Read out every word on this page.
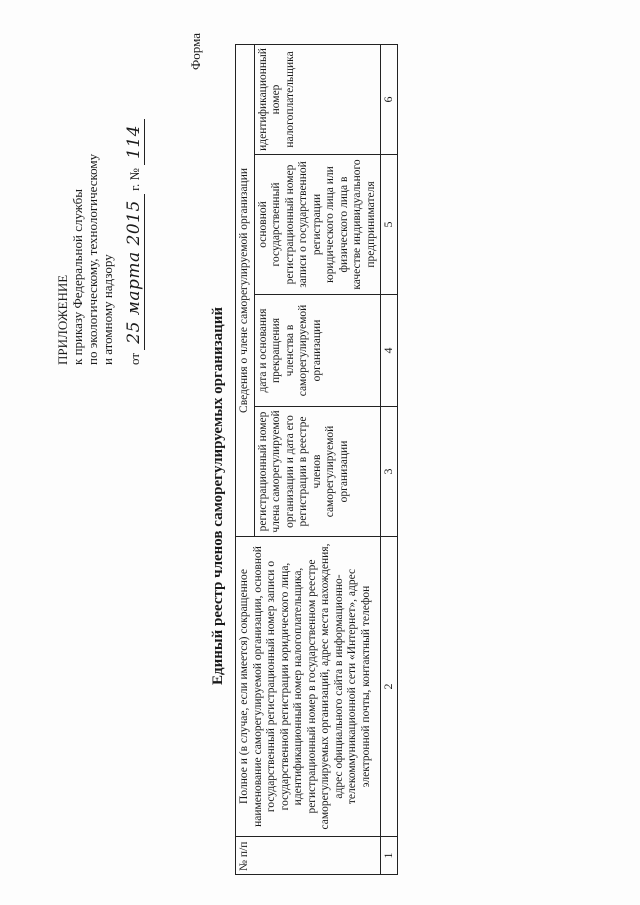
ПРИЛОЖЕНИЕ к приказу Федеральной службы по экологическому, технологическому и атомному надзору от 25 марта 2015 г. № 114
Форма
Единый реестр членов саморегулируемых организаций
№ п/п	Полное и (в случае, если имеется) сокращенное наименование саморегулируемой организации, основной государственный регистрационный номер записи о государственной регистрации юридического лица, идентификационный номер налогоплательщика, регистрационный номер в государственном реестре саморегулируемых организаций, адрес места нахождения, адрес официального сайта в информационно-телекоммуникационной сети «Интернет», адрес электронной почты, контактный телефон	Сведения о члене саморегулируемой организации			
		регистрационный номер члена саморегулируемой организации и дата его регистрации в реестре членов саморегулируемой организации	дата и основания прекращения членства в саморегулируемой организации	основной государственный регистрационный номер записи о государственной регистрации юридического лица или физического лица в качестве индивидуального предпринимателя	идентификационный номер налогоплательщика
1	2	3	4	5	6
